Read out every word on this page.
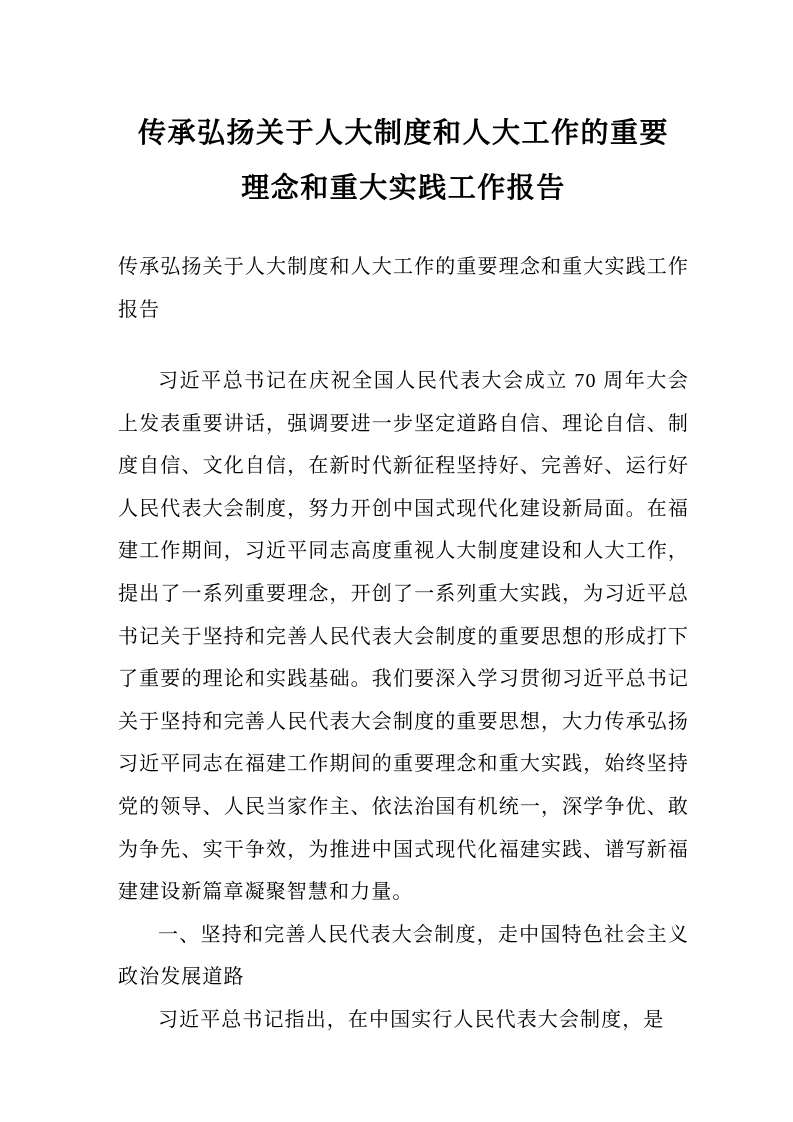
传承弘扬关于人大制度和人大工作的重要
理念和重大实践工作报告

传承弘扬关于人大制度和人大工作的重要理念和重大实践工作报告

习近平总书记在庆祝全国人民代表大会成立 70 周年大会上发表重要讲话，强调要进一步坚定道路自信、理论自信、制度自信、文化自信，在新时代新征程坚持好、完善好、运行好人民代表大会制度，努力开创中国式现代化建设新局面。在福建工作期间，习近平同志高度重视人大制度建设和人大工作，提出了一系列重要理念，开创了一系列重大实践，为习近平总书记关于坚持和完善人民代表大会制度的重要思想的形成打下了重要的理论和实践基础。我们要深入学习贯彻习近平总书记关于坚持和完善人民代表大会制度的重要思想，大力传承弘扬习近平同志在福建工作期间的重要理念和重大实践，始终坚持党的领导、人民当家作主、依法治国有机统一，深学争优、敢为争先、实干争效，为推进中国式现代化福建实践、谱写新福建建设新篇章凝聚智慧和力量。

一、坚持和完善人民代表大会制度，走中国特色社会主义政治发展道路

习近平总书记指出，在中国实行人民代表大会制度，是
